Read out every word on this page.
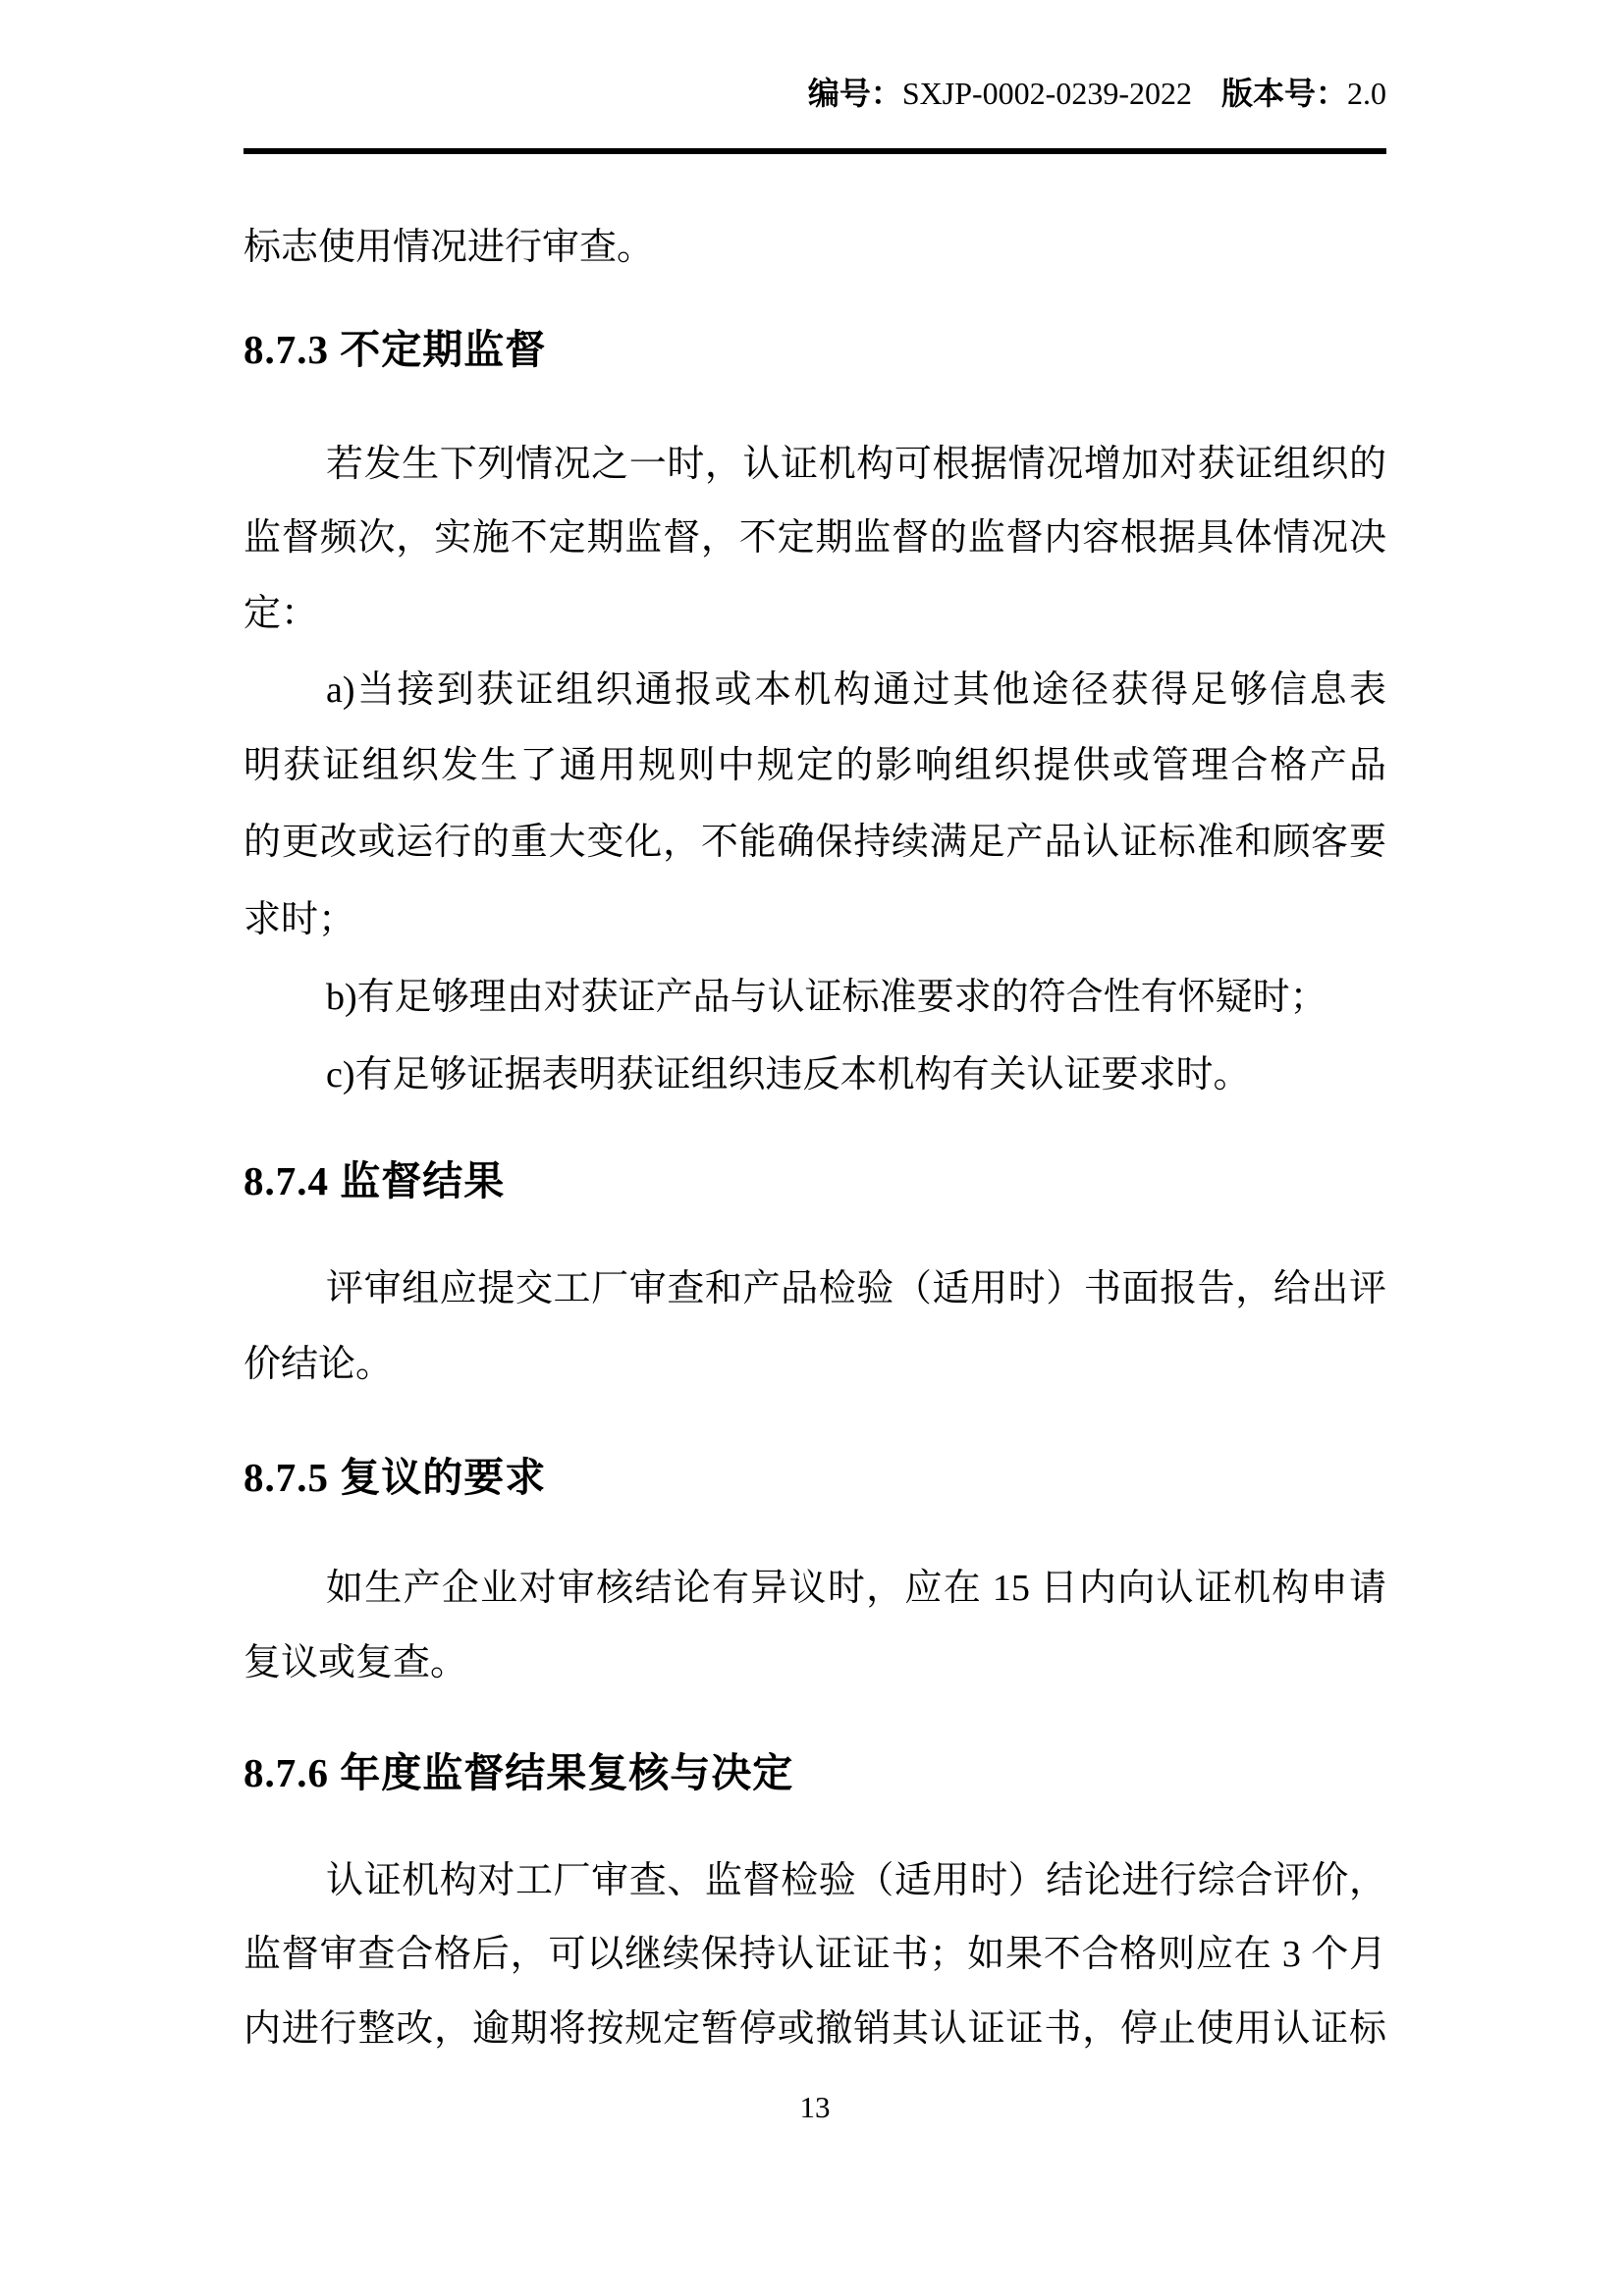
编号：SXJP-0002-0239-2022 版本号：2.0
标志使用情况进行审查。
8.7.3 不定期监督
若发生下列情况之一时，认证机构可根据情况增加对获证组织的
监督频次，实施不定期监督，不定期监督的监督内容根据具体情况决
定：
a)当接到获证组织通报或本机构通过其他途径获得足够信息表
明获证组织发生了通用规则中规定的影响组织提供或管理合格产品
的更改或运行的重大变化，不能确保持续满足产品认证标准和顾客要
求时；
b)有足够理由对获证产品与认证标准要求的符合性有怀疑时；
c)有足够证据表明获证组织违反本机构有关认证要求时。
8.7.4 监督结果
评审组应提交工厂审查和产品检验（适用时）书面报告，给出评
价结论。
8.7.5 复议的要求
如生产企业对审核结论有异议时，应在 15 日内向认证机构申请
复议或复查。
8.7.6 年度监督结果复核与决定
认证机构对工厂审查、监督检验（适用时）结论进行综合评价，
监督审查合格后，可以继续保持认证证书；如果不合格则应在 3 个月
内进行整改，逾期将按规定暂停或撤销其认证证书，停止使用认证标
13
